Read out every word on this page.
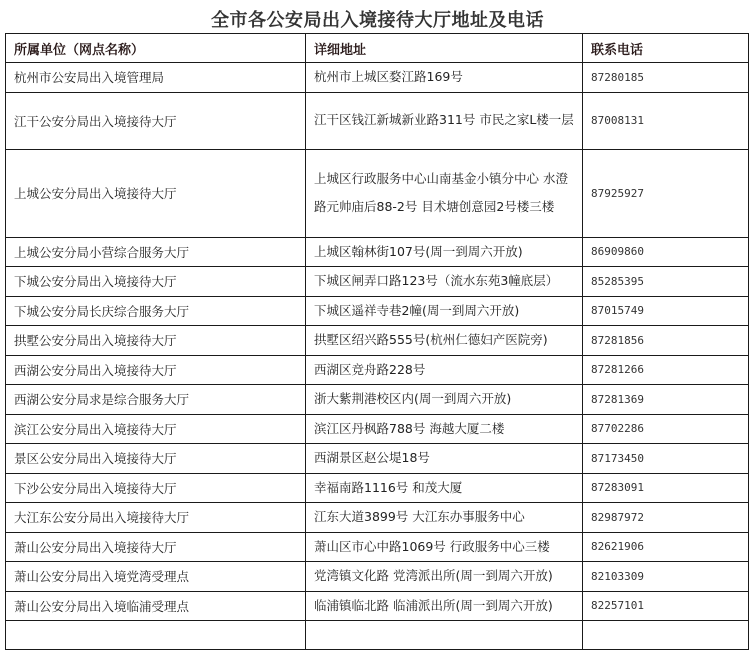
全市各公安局出入境接待大厅地址及电话
所属单位（网点名称）	详细地址	联系电话
杭州市公安局出入境管理局	杭州市上城区婺江路169号	87280185
江干公安分局出入境接待大厅	江干区钱江新城新业路311号 市民之家L楼一层	87008131
上城公安分局出入境接待大厅	上城区行政服务中心山南基金小镇分中心 水澄路元帅庙后88-2号 目术塘创意园2号楼三楼	87925927
上城公安分局小营综合服务大厅	上城区翰林街107号(周一到周六开放)	86909860
下城公安分局出入境接待大厅	下城区闸弄口路123号（流水东苑3幢底层）	85285395
下城公安分局长庆综合服务大厅	下城区遥祥寺巷2幢(周一到周六开放)	87015749
拱墅公安分局出入境接待大厅	拱墅区绍兴路555号(杭州仁德妇产医院旁)	87281856
西湖公安分局出入境接待大厅	西湖区竞舟路228号	87281266
西湖公安分局求是综合服务大厅	浙大紫荆港校区内(周一到周六开放)	87281369
滨江公安分局出入境接待大厅	滨江区丹枫路788号 海越大厦二楼	87702286
景区公安分局出入境接待大厅	西湖景区赵公堤18号	87173450
下沙公安分局出入境接待大厅	幸福南路1116号 和茂大厦	87283091
大江东公安分局出入境接待大厅	江东大道3899号 大江东办事服务中心	82987972
萧山公安分局出入境接待大厅	萧山区市心中路1069号 行政服务中心三楼	82621906
萧山公安分局出入境党湾受理点	党湾镇文化路 党湾派出所(周一到周六开放)	82103309
萧山公安分局出入境临浦受理点	临浦镇临北路 临浦派出所(周一到周六开放)	82257101
